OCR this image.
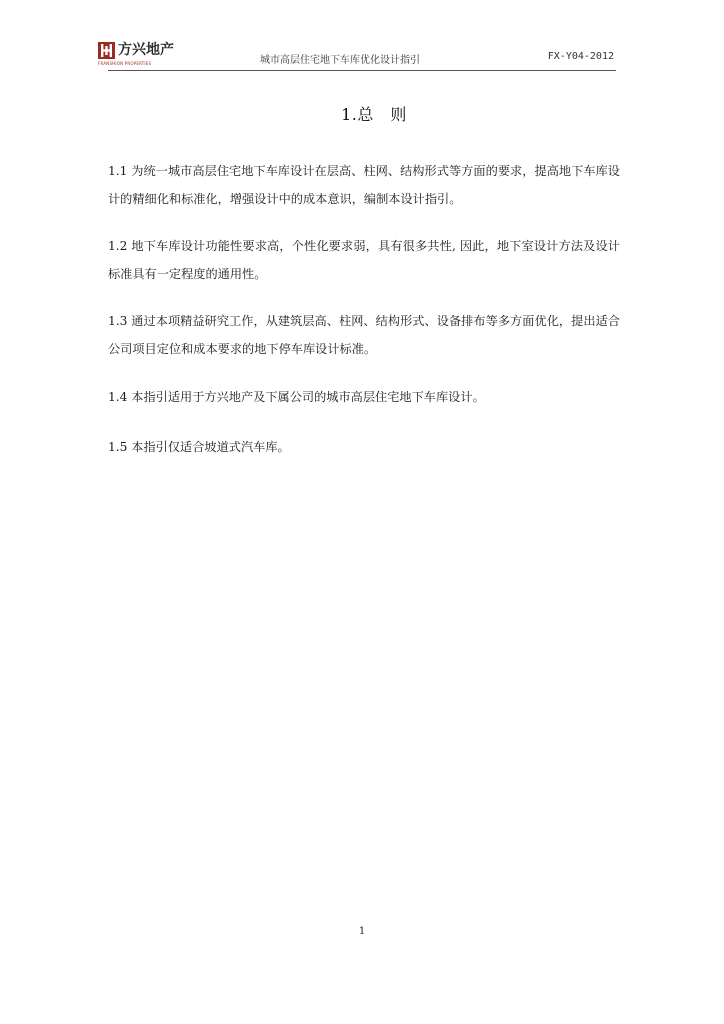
方兴地产
FRANSHION PROPERTIES	城市高层住宅地下车库优化设计指引	FX-Y04-2012
1.总　则
1.1 为统一城市高层住宅地下车库设计在层高、柱网、结构形式等方面的要求，提高地下车库设计的精细化和标准化，增强设计中的成本意识，编制本设计指引。
1.2 地下车库设计功能性要求高，个性化要求弱，具有很多共性, 因此，地下室设计方法及设计标准具有一定程度的通用性。
1.3 通过本项精益研究工作，从建筑层高、柱网、结构形式、设备排布等多方面优化，提出适合公司项目定位和成本要求的地下停车库设计标准。
1.4 本指引适用于方兴地产及下属公司的城市高层住宅地下车库设计。
1.5 本指引仅适合坡道式汽车库。
1
